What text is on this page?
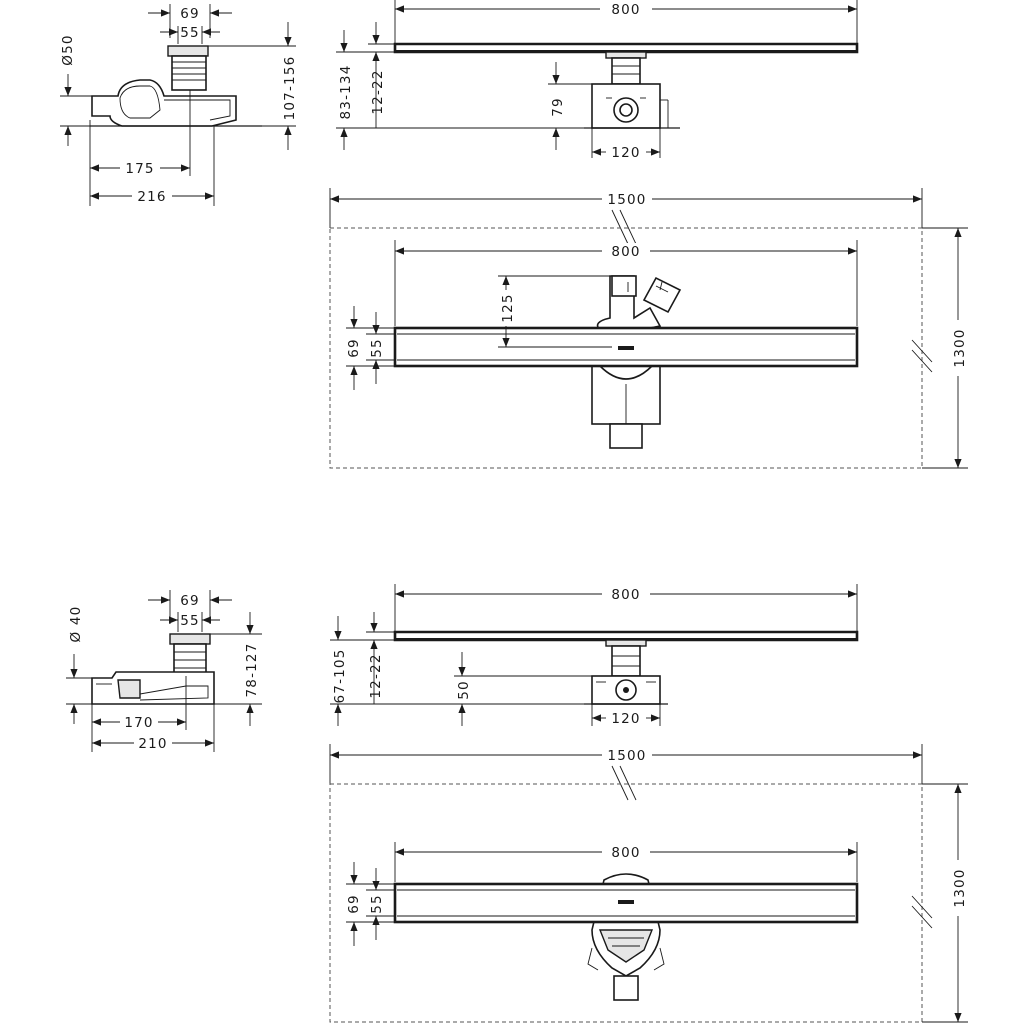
69
55
Ø50
107-156
175
216
800
12-22
83-134	79
120
1500
1300
800
125
69 55
69
55
Ø 40
78-127
170
210
800
12-22
67-105	50
120
1500
1300
800
69 55
